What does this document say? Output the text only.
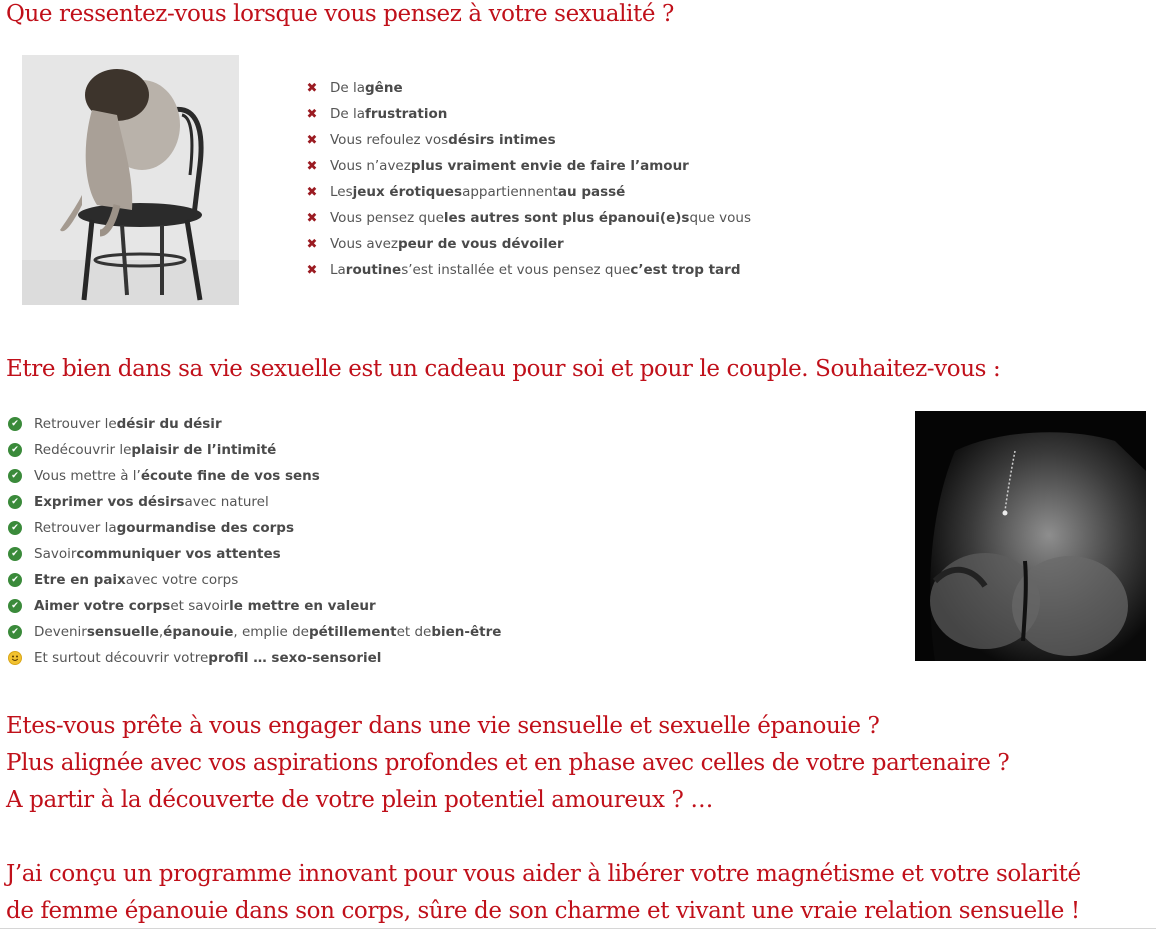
Que ressentez-vous lorsque vous pensez à votre sexualité ?
✖ De la gêne
✖ De la frustration
✖ Vous refoulez vos désirs intimes
✖ Vous n’avez plus vraiment envie de faire l’amour
✖ Les jeux érotiques appartiennent au passé
✖ Vous pensez que les autres sont plus épanoui(e)s que vous
✖ Vous avez peur de vous dévoiler
✖ La routine s’est installée et vous pensez que c’est trop tard
Etre bien dans sa vie sexuelle est un cadeau pour soi et pour le couple. Souhaitez-vous :
✔ Retrouver le désir du désir
✔ Redécouvrir le plaisir de l’intimité
✔ Vous mettre à l’ écoute fine de vos sens
✔ Exprimer vos désirs avec naturel
✔ Retrouver la gourmandise des corps
✔ Savoir communiquer vos attentes
✔ Etre en paix avec votre corps
✔ Aimer votre corps et savoir le mettre en valeur
✔ Devenir sensuelle , épanouie , emplie de pétillement et de bien-être
Et surtout découvrir votre profil … sexo-sensoriel

Etes-vous prête à vous engager dans une vie sensuelle et sexuelle épanouie ?
Plus alignée avec vos aspirations profondes et en phase avec celles de votre partenaire ?
A partir à la découverte de votre plein potentiel amoureux ? …

J’ai conçu un programme innovant pour vous aider à libérer votre magnétisme et votre solarité
de femme épanouie dans son corps, sûre de son charme et vivant une vraie relation sensuelle !
